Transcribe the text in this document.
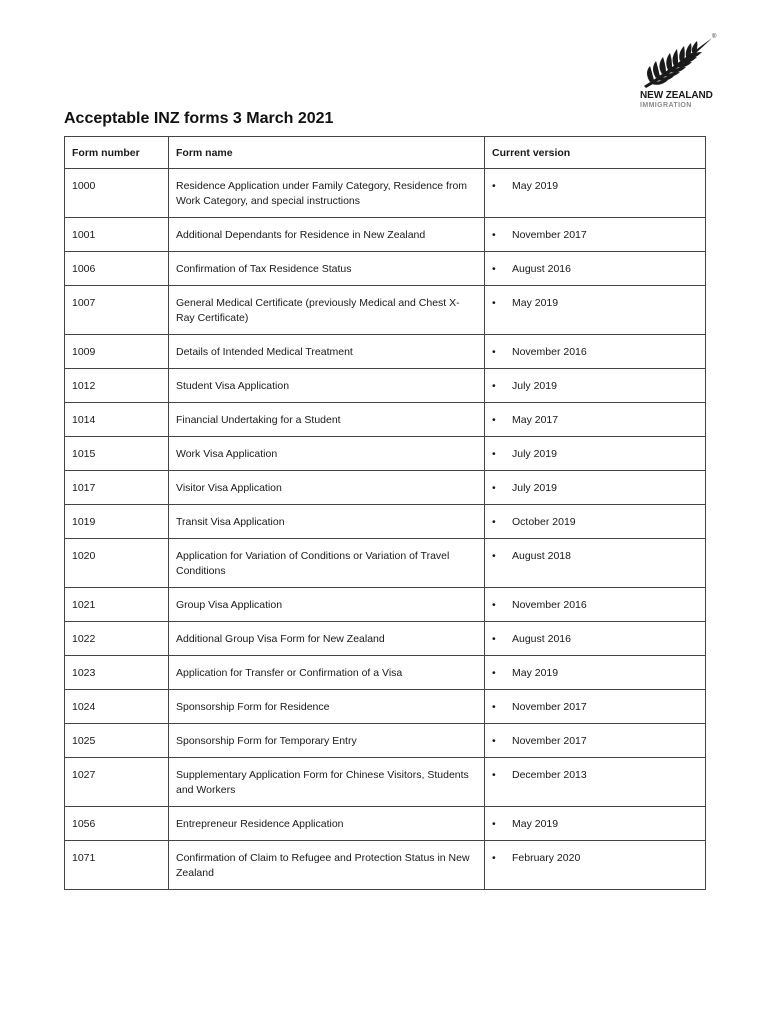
®
NEW ZEALAND
IMMIGRATION
Acceptable INZ forms 3 March 2021
Form number	Form name	Current version
1000	Residence Application under Family Category, Residence from Work Category, and special instructions	• May 2019
1001	Additional Dependants for Residence in New Zealand	• November 2017
1006	Confirmation of Tax Residence Status	• August 2016
1007	General Medical Certificate (previously Medical and Chest X-Ray Certificate)	• May 2019
1009	Details of Intended Medical Treatment	• November 2016
1012	Student Visa Application	• July 2019
1014	Financial Undertaking for a Student	• May 2017
1015	Work Visa Application	• July 2019
1017	Visitor Visa Application	• July 2019
1019	Transit Visa Application	• October 2019
1020	Application for Variation of Conditions or Variation of Travel Conditions	• August 2018
1021	Group Visa Application	• November 2016
1022	Additional Group Visa Form for New Zealand	• August 2016
1023	Application for Transfer or Confirmation of a Visa	• May 2019
1024	Sponsorship Form for Residence	• November 2017
1025	Sponsorship Form for Temporary Entry	• November 2017
1027	Supplementary Application Form for Chinese Visitors, Students and Workers	• December 2013
1056	Entrepreneur Residence Application	• May 2019
1071	Confirmation of Claim to Refugee and Protection Status in New Zealand	• February 2020
